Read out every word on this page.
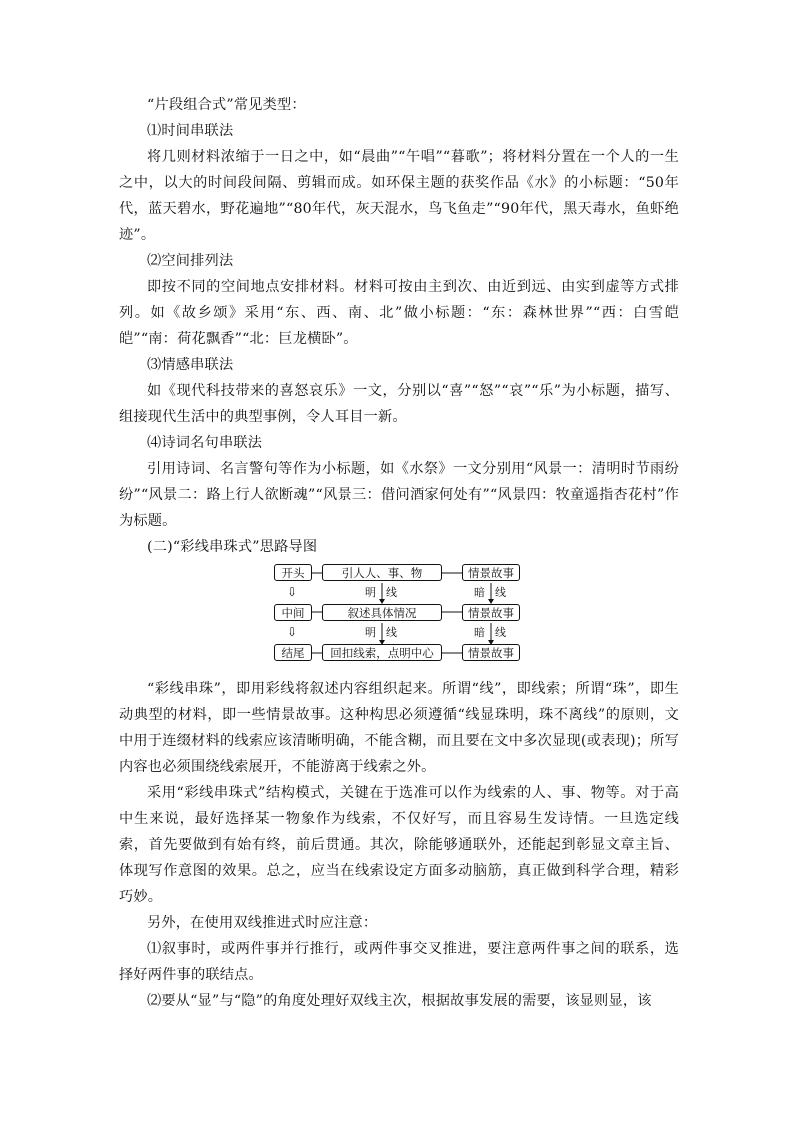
“片段组合式”常见类型：

⑴时间串联法

将几则材料浓缩于一日之中，如“晨曲”“午唱”“暮歌”；将材料分置在一个人的一生之中，以大的时间段间隔、剪辑而成。如环保主题的获奖作品《水》的小标题：“50年代，蓝天碧水，野花遍地”“80年代，灰天混水，鸟飞鱼走”“90年代，黑天毒水，鱼虾绝迹”。

⑵空间排列法

即按不同的空间地点安排材料。材料可按由主到次、由近到远、由实到虚等方式排列。如《故乡颂》采用“东、西、南、北”做小标题：“东：森林世界”“西：白雪皑皑”“南：荷花飘香”“北：巨龙横卧”。

⑶情感串联法

如《现代科技带来的喜怒哀乐》一文，分别以“喜”“怒”“哀”“乐”为小标题，描写、组接现代生活中的典型事例，令人耳目一新。

⑷诗词名句串联法

引用诗词、名言警句等作为小标题，如《水祭》一文分别用“风景一：清明时节雨纷纷”“风景二：路上行人欲断魂”“风景三：借问酒家何处有”“风景四：牧童遥指杏花村”作为标题。

(二)“彩线串珠式”思路导图

开头	引人人、事、物	情景故事
⇩	明 线	暗 线
中间	叙述具体情况	情景故事
⇩	明 线	暗 线
结尾	回扣线索，点明中心	情景故事

“彩线串珠”，即用彩线将叙述内容组织起来。所谓“线”，即线索；所谓“珠”，即生动典型的材料，即一些情景故事。这种构思必须遵循“线显珠明，珠不离线”的原则，文中用于连缀材料的线索应该清晰明确，不能含糊，而且要在文中多次显现(或表现)；所写内容也必须围绕线索展开，不能游离于线索之外。

采用“彩线串珠式”结构模式，关键在于选准可以作为线索的人、事、物等。对于高中生来说，最好选择某一物象作为线索，不仅好写，而且容易生发诗情。一旦选定线索，首先要做到有始有终，前后贯通。其次，除能够通联外，还能起到彰显文章主旨、体现写作意图的效果。总之，应当在线索设定方面多动脑筋，真正做到科学合理，精彩巧妙。

另外，在使用双线推进式时应注意：

⑴叙事时，或两件事并行推行，或两件事交叉推进，要注意两件事之间的联系，选择好两件事的联结点。

⑵要从“显”与“隐”的角度处理好双线主次，根据故事发展的需要，该显则显，该
